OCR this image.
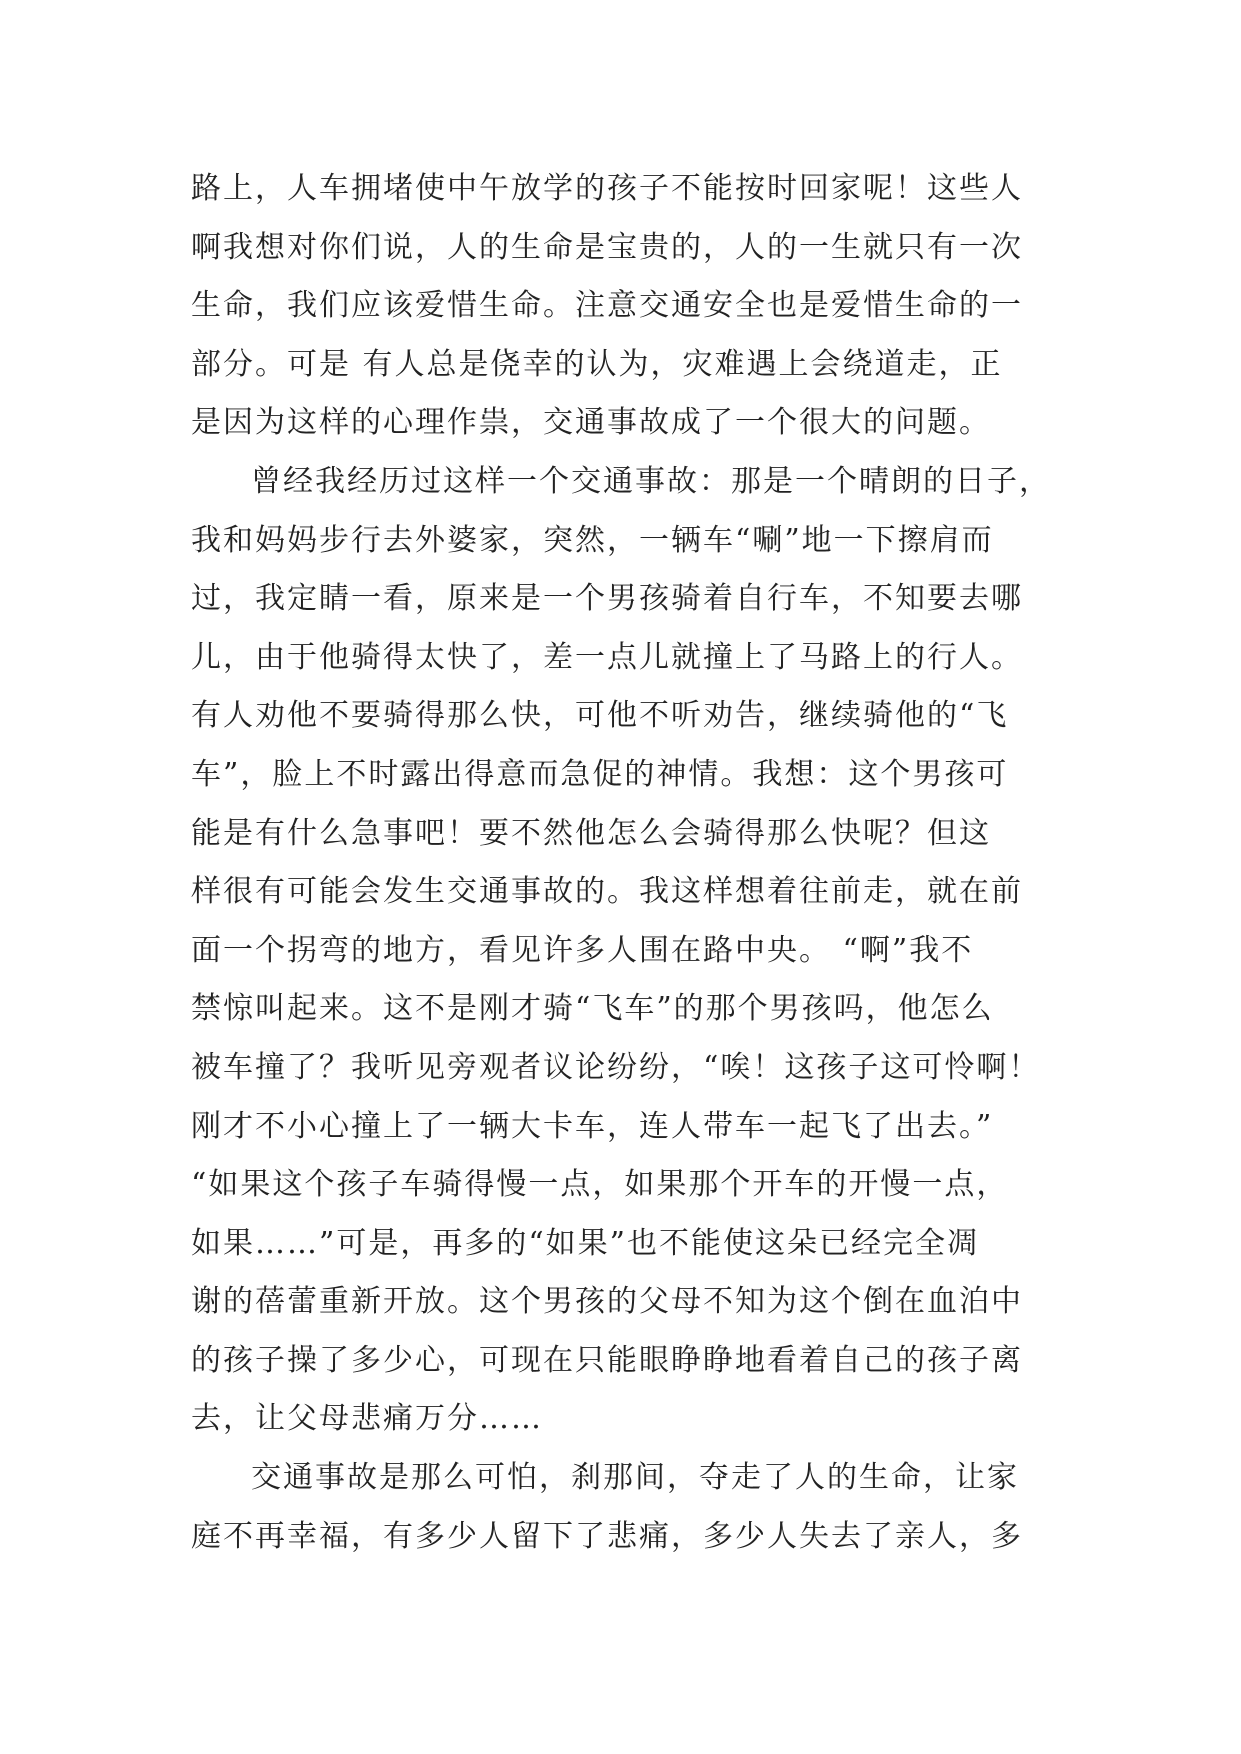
路上，人车拥堵使中午放学的孩子不能按时回家呢！这些人
啊我想对你们说，人的生命是宝贵的，人的一生就只有一次
生命，我们应该爱惜生命。注意交通安全也是爱惜生命的一
部分。可是 有人总是侥幸的认为，灾难遇上会绕道走，正
是因为这样的心理作祟，交通事故成了一个很大的问题。
曾经我经历过这样一个交通事故：那是一个晴朗的日子，
我和妈妈步行去外婆家，突然，一辆车“唰”地一下擦肩而
过，我定睛一看，原来是一个男孩骑着自行车，不知要去哪
儿，由于他骑得太快了，差一点儿就撞上了马路上的行人。
有人劝他不要骑得那么快，可他不听劝告，继续骑他的“飞
车”，脸上不时露出得意而急促的神情。我想：这个男孩可
能是有什么急事吧！要不然他怎么会骑得那么快呢？但这
样很有可能会发生交通事故的。我这样想着往前走，就在前
面一个拐弯的地方，看见许多人围在路中央。 “啊”我不
禁惊叫起来。这不是刚才骑“飞车”的那个男孩吗，他怎么
被车撞了？我听见旁观者议论纷纷，“唉！这孩子这可怜啊！
刚才不小心撞上了一辆大卡车，连人带车一起飞了出去。”
“如果这个孩子车骑得慢一点，如果那个开车的开慢一点，
如果……”可是，再多的“如果”也不能使这朵已经完全凋
谢的蓓蕾重新开放。这个男孩的父母不知为这个倒在血泊中
的孩子操了多少心，可现在只能眼睁睁地看着自己的孩子离
去，让父母悲痛万分……
交通事故是那么可怕，刹那间，夺走了人的生命，让家
庭不再幸福，有多少人留下了悲痛，多少人失去了亲人，多
